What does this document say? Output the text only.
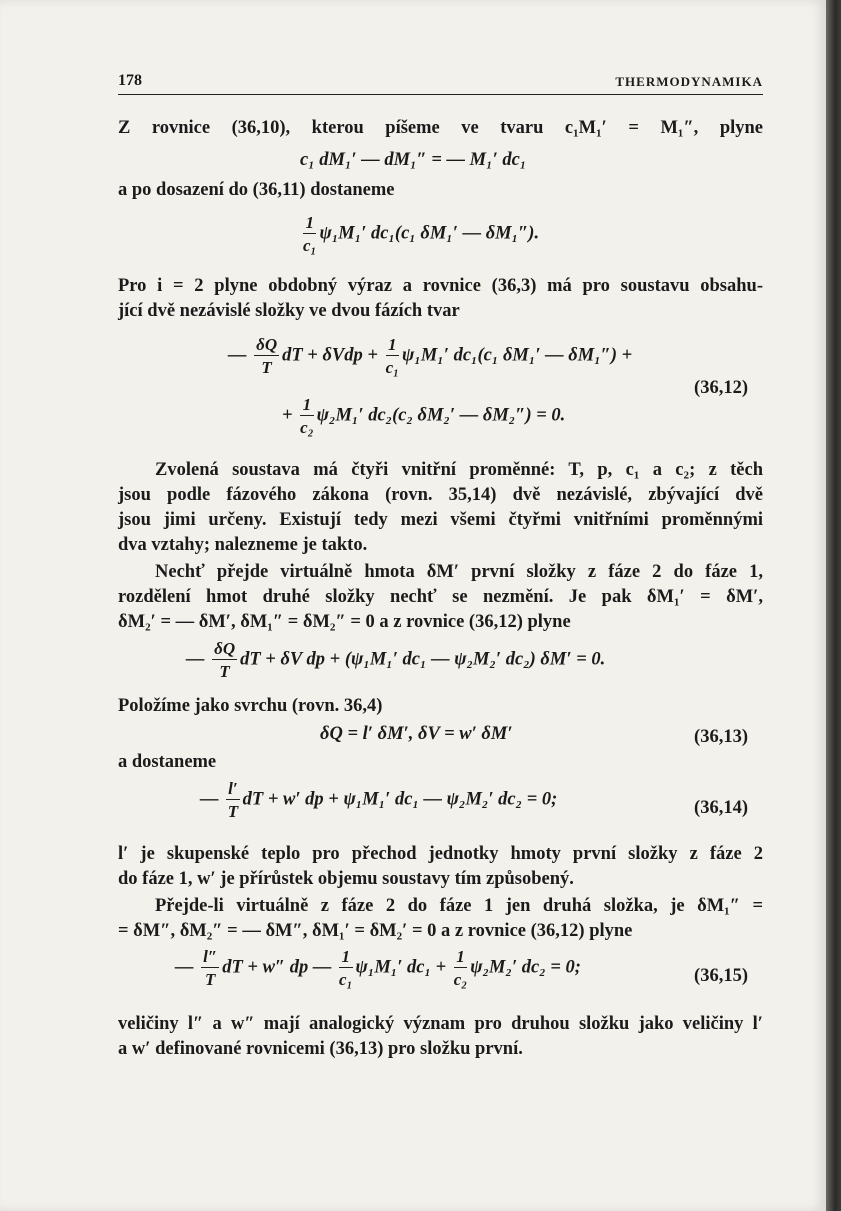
178	THERMODYNAMIKA
Z rovnice (36,10), kterou píšeme ve tvaru c₁M₁′ = M₁″, plyne
c₁ dM₁′ — dM₁″ = — M₁′ dc₁
a po dosazení do (36,11) dostaneme
$\frac{1}{\text{c₁}} \psi_1M_1'$ dc₁(c₁ δM₁′ — δM₁″).
Pro i = 2 plyne obdobný výraz a rovnice (36,3) má pro soustavu obsahu-
jící dvě nezávislé složky ve dvou fázích tvar
— $\frac{\delta Q}{T}$ dT + $\delta Vdp + \frac{1}{\text{c₁}} \psi_1M_1'$ dc₁(c₁ δM₁′ — δM₁″) +
(36,12)
+ $\frac{1}{\text{c₂}} \psi_2M_1'$ dc₂(c₂ δM₂′ — δM₂″) = 0.
Zvolená soustava má čtyři vnitřní proměnné: T, p, c₁ a c₂; z těch
jsou podle fázového zákona (rovn. 35,14) dvě nezávislé, zbývající dvě
jsou jimi určeny. Existují tedy mezi všemi čtyřmi vnitřními proměnnými
dva vztahy; nalezneme je takto.
Nechť přejde virtuálně hmota δM′ první složky z fáze 2 do fáze 1,
rozdělení hmot druhé složky nechť se nezmění. Je pak δM₁′ = δM′,
δM₂′ = — δM′, δM₁″ = δM₂″ = 0 a z rovnice (36,12) plyne
— $\frac{\delta Q}{T}$ dT + δV dp + (ψ₁M₁′ dc₁ — ψ₂M₂′ dc₂) δM′ = 0.
Položíme jako svrchu (rovn. 36,4)
δQ = l′ δM′, δV = w′ δM′	(36,13)
a dostaneme
— $\frac{l'}{T}$ dT + w′ dp + ψ₁M₁′ dc₁ — ψ₂M₂′ dc₂ = 0;	(36,14)
l′ je skupenské teplo pro přechod jednotky hmoty první složky z fáze 2
do fáze 1, w′ je přírůstek objemu soustavy tím způsobený.
Přejde-li virtuálně z fáze 2 do fáze 1 jen druhá složka, je δM₁″ =
= δM″, δM₂″ = — δM″, δM₁′ = δM₂′ = 0 a z rovnice (36,12) plyne
— $\frac{l''}{T}$ dT + w″ dp — $\frac{1}{\text{c₁}} \psi_1M_1'$ $dc_1 + \frac{1}{\text{c₂}} \psi_2M_2'$ dc₂ = 0;	(36,15)
veličiny l″ a w″ mají analogický význam pro druhou složku jako veličiny l′
a w′ definované rovnicemi (36,13) pro složku první.
